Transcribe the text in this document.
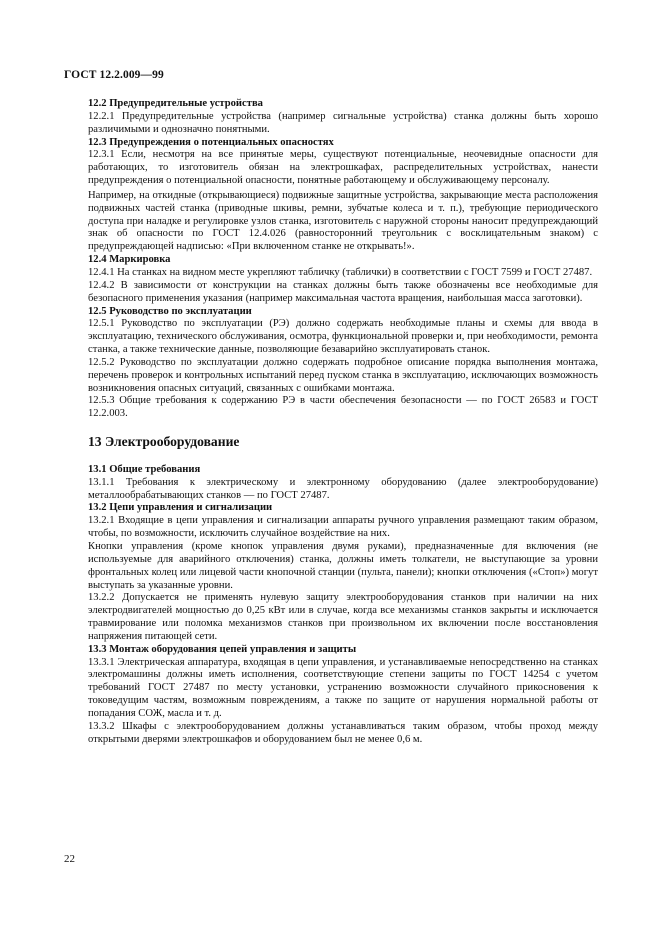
ГОСТ 12.2.009—99
12.2 Предупредительные устройства

12.2.1 Предупредительные устройства (например сигнальные устройства) станка должны быть хорошо различимыми и однозначно понятными.

12.3 Предупреждения о потенциальных опасностях

12.3.1 Если, несмотря на все принятые меры, существуют потенциальные, неочевидные опасности для работающих, то изготовитель обязан на электрошкафах, распределительных устройствах, нанести предупреждения о потенциальной опасности, понятные работающему и обслуживающему персоналу.

Например, на откидные (открывающиеся) подвижные защитные устройства, закрывающие места расположения подвижных частей станка (приводные шкивы, ремни, зубчатые колеса и т. п.), требующие периодического доступа при наладке и регулировке узлов станка, изготовитель с наружной стороны наносит предупреждающий знак об опасности по ГОСТ 12.4.026 (равносторонний треугольник с восклицательным знаком) с предупреждающей надписью: «При включенном станке не открывать!».

12.4 Маркировка

12.4.1 На станках на видном месте укрепляют табличку (таблички) в соответствии с ГОСТ 7599 и ГОСТ 27487.

12.4.2 В зависимости от конструкции на станках должны быть также обозначены все необходимые для безопасного применения указания (например максимальная частота вращения, наибольшая масса заготовки).

12.5 Руководство по эксплуатации

12.5.1 Руководство по эксплуатации (РЭ) должно содержать необходимые планы и схемы для ввода в эксплуатацию, технического обслуживания, осмотра, функциональной проверки и, при необходимости, ремонта станка, а также технические данные, позволяющие безаварийно эксплуатировать станок.

12.5.2 Руководство по эксплуатации должно содержать подробное описание порядка выполнения монтажа, перечень проверок и контрольных испытаний перед пуском станка в эксплуатацию, исключающих возможность возникновения опасных ситуаций, связанных с ошибками монтажа.

12.5.3 Общие требования к содержанию РЭ в части обеспечения безопасности — по ГОСТ 26583 и ГОСТ 12.2.003.

13 Электрооборудование
13.1 Общие требования

13.1.1 Требования к электрическому и электронному оборудованию (далее электрооборудование) металлообрабатывающих станков — по ГОСТ 27487.

13.2 Цепи управления и сигнализации

13.2.1 Входящие в цепи управления и сигнализации аппараты ручного управления размещают таким образом, чтобы, по возможности, исключить случайное воздействие на них.

Кнопки управления (кроме кнопок управления двумя руками), предназначенные для включения (не используемые для аварийного отключения) станка, должны иметь толкатели, не выступающие за уровни фронтальных колец или лицевой части кнопочной станции (пульта, панели); кнопки отключения («Стоп») могут выступать за указанные уровни.

13.2.2 Допускается не применять нулевую защиту электрооборудования станков при наличии на них электродвигателей мощностью до 0,25 кВт или в случае, когда все механизмы станков закрыты и исключается травмирование или поломка механизмов станков при произвольном их включении после восстановления напряжения питающей сети.

13.3 Монтаж оборудования цепей управления и защиты

13.3.1 Электрическая аппаратура, входящая в цепи управления, и устанавливаемые непосредственно на станках электромашины должны иметь исполнения, соответствующие степени защиты по ГОСТ 14254 с учетом требований ГОСТ 27487 по месту установки, устранению возможности случайного прикосновения к токоведущим частям, возможным повреждениям, а также по защите от нарушения нормальной работы от попадания СОЖ, масла и т. д.

13.3.2 Шкафы с электрооборудованием должны устанавливаться таким образом, чтобы проход между открытыми дверями электрошкафов и оборудованием был не менее 0,6 м.

22
